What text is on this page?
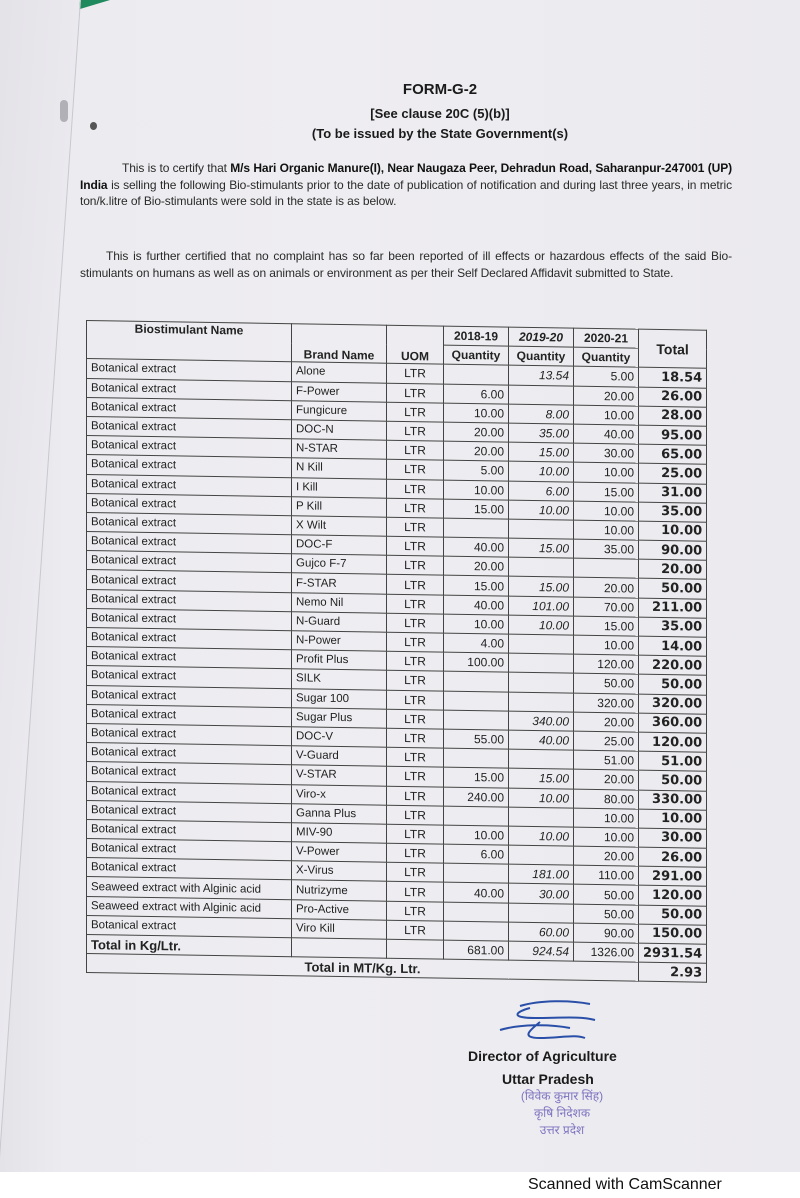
FORM-G-2
[See clause 20C (5)(b)]
(To be issued by the State Government(s)
This is to certify that M/s Hari Organic Manure(I), Near Naugaza Peer, Dehradun Road, Saharanpur-247001 (UP) India is selling the following Bio-stimulants prior to the date of publication of notification and during last three years, in metric ton/k.litre of Bio-stimulants were sold in the state is as below.
This is further certified that no complaint has so far been reported of ill effects or hazardous effects of the said Bio-stimulants on humans as well as on animals or environment as per their Self Declared Affidavit submitted to State.
Biostimulant Name	Brand Name	UOM	2018-19	2019-20	2020-21	Total
			Quantity	Quantity	Quantity	
Botanical extract	Alone	LTR		13.54	5.00	18.54
Botanical extract	F-Power	LTR	6.00		20.00	26.00
Botanical extract	Fungicure	LTR	10.00	8.00	10.00	28.00
Botanical extract	DOC-N	LTR	20.00	35.00	40.00	95.00
Botanical extract	N-STAR	LTR	20.00	15.00	30.00	65.00
Botanical extract	N Kill	LTR	5.00	10.00	10.00	25.00
Botanical extract	I Kill	LTR	10.00	6.00	15.00	31.00
Botanical extract	P Kill	LTR	15.00	10.00	10.00	35.00
Botanical extract	X Wilt	LTR			10.00	10.00
Botanical extract	DOC-F	LTR	40.00	15.00	35.00	90.00
Botanical extract	Gujco F-7	LTR	20.00			20.00
Botanical extract	F-STAR	LTR	15.00	15.00	20.00	50.00
Botanical extract	Nemo Nil	LTR	40.00	101.00	70.00	211.00
Botanical extract	N-Guard	LTR	10.00	10.00	15.00	35.00
Botanical extract	N-Power	LTR	4.00		10.00	14.00
Botanical extract	Profit Plus	LTR	100.00		120.00	220.00
Botanical extract	SILK	LTR			50.00	50.00
Botanical extract	Sugar 100	LTR			320.00	320.00
Botanical extract	Sugar Plus	LTR		340.00	20.00	360.00
Botanical extract	DOC-V	LTR	55.00	40.00	25.00	120.00
Botanical extract	V-Guard	LTR			51.00	51.00
Botanical extract	V-STAR	LTR	15.00	15.00	20.00	50.00
Botanical extract	Viro-x	LTR	240.00	10.00	80.00	330.00
Botanical extract	Ganna Plus	LTR			10.00	10.00
Botanical extract	MIV-90	LTR	10.00	10.00	10.00	30.00
Botanical extract	V-Power	LTR	6.00		20.00	26.00
Botanical extract	X-Virus	LTR		181.00	110.00	291.00
Seaweed extract with Alginic acid	Nutrizyme	LTR	40.00	30.00	50.00	120.00
Seaweed extract with Alginic acid	Pro-Active	LTR			50.00	50.00
Botanical extract	Viro Kill	LTR		60.00	90.00	150.00
Total in Kg/Ltr.			681.00	924.54	1326.00	2931.54
Total in MT/Kg. Ltr.						2.93
Director of Agriculture
Uttar Pradesh
(विवेक कुमार सिंह)
कृषि निदेशक
उत्तर प्रदेश
Scanned with CamScanner
